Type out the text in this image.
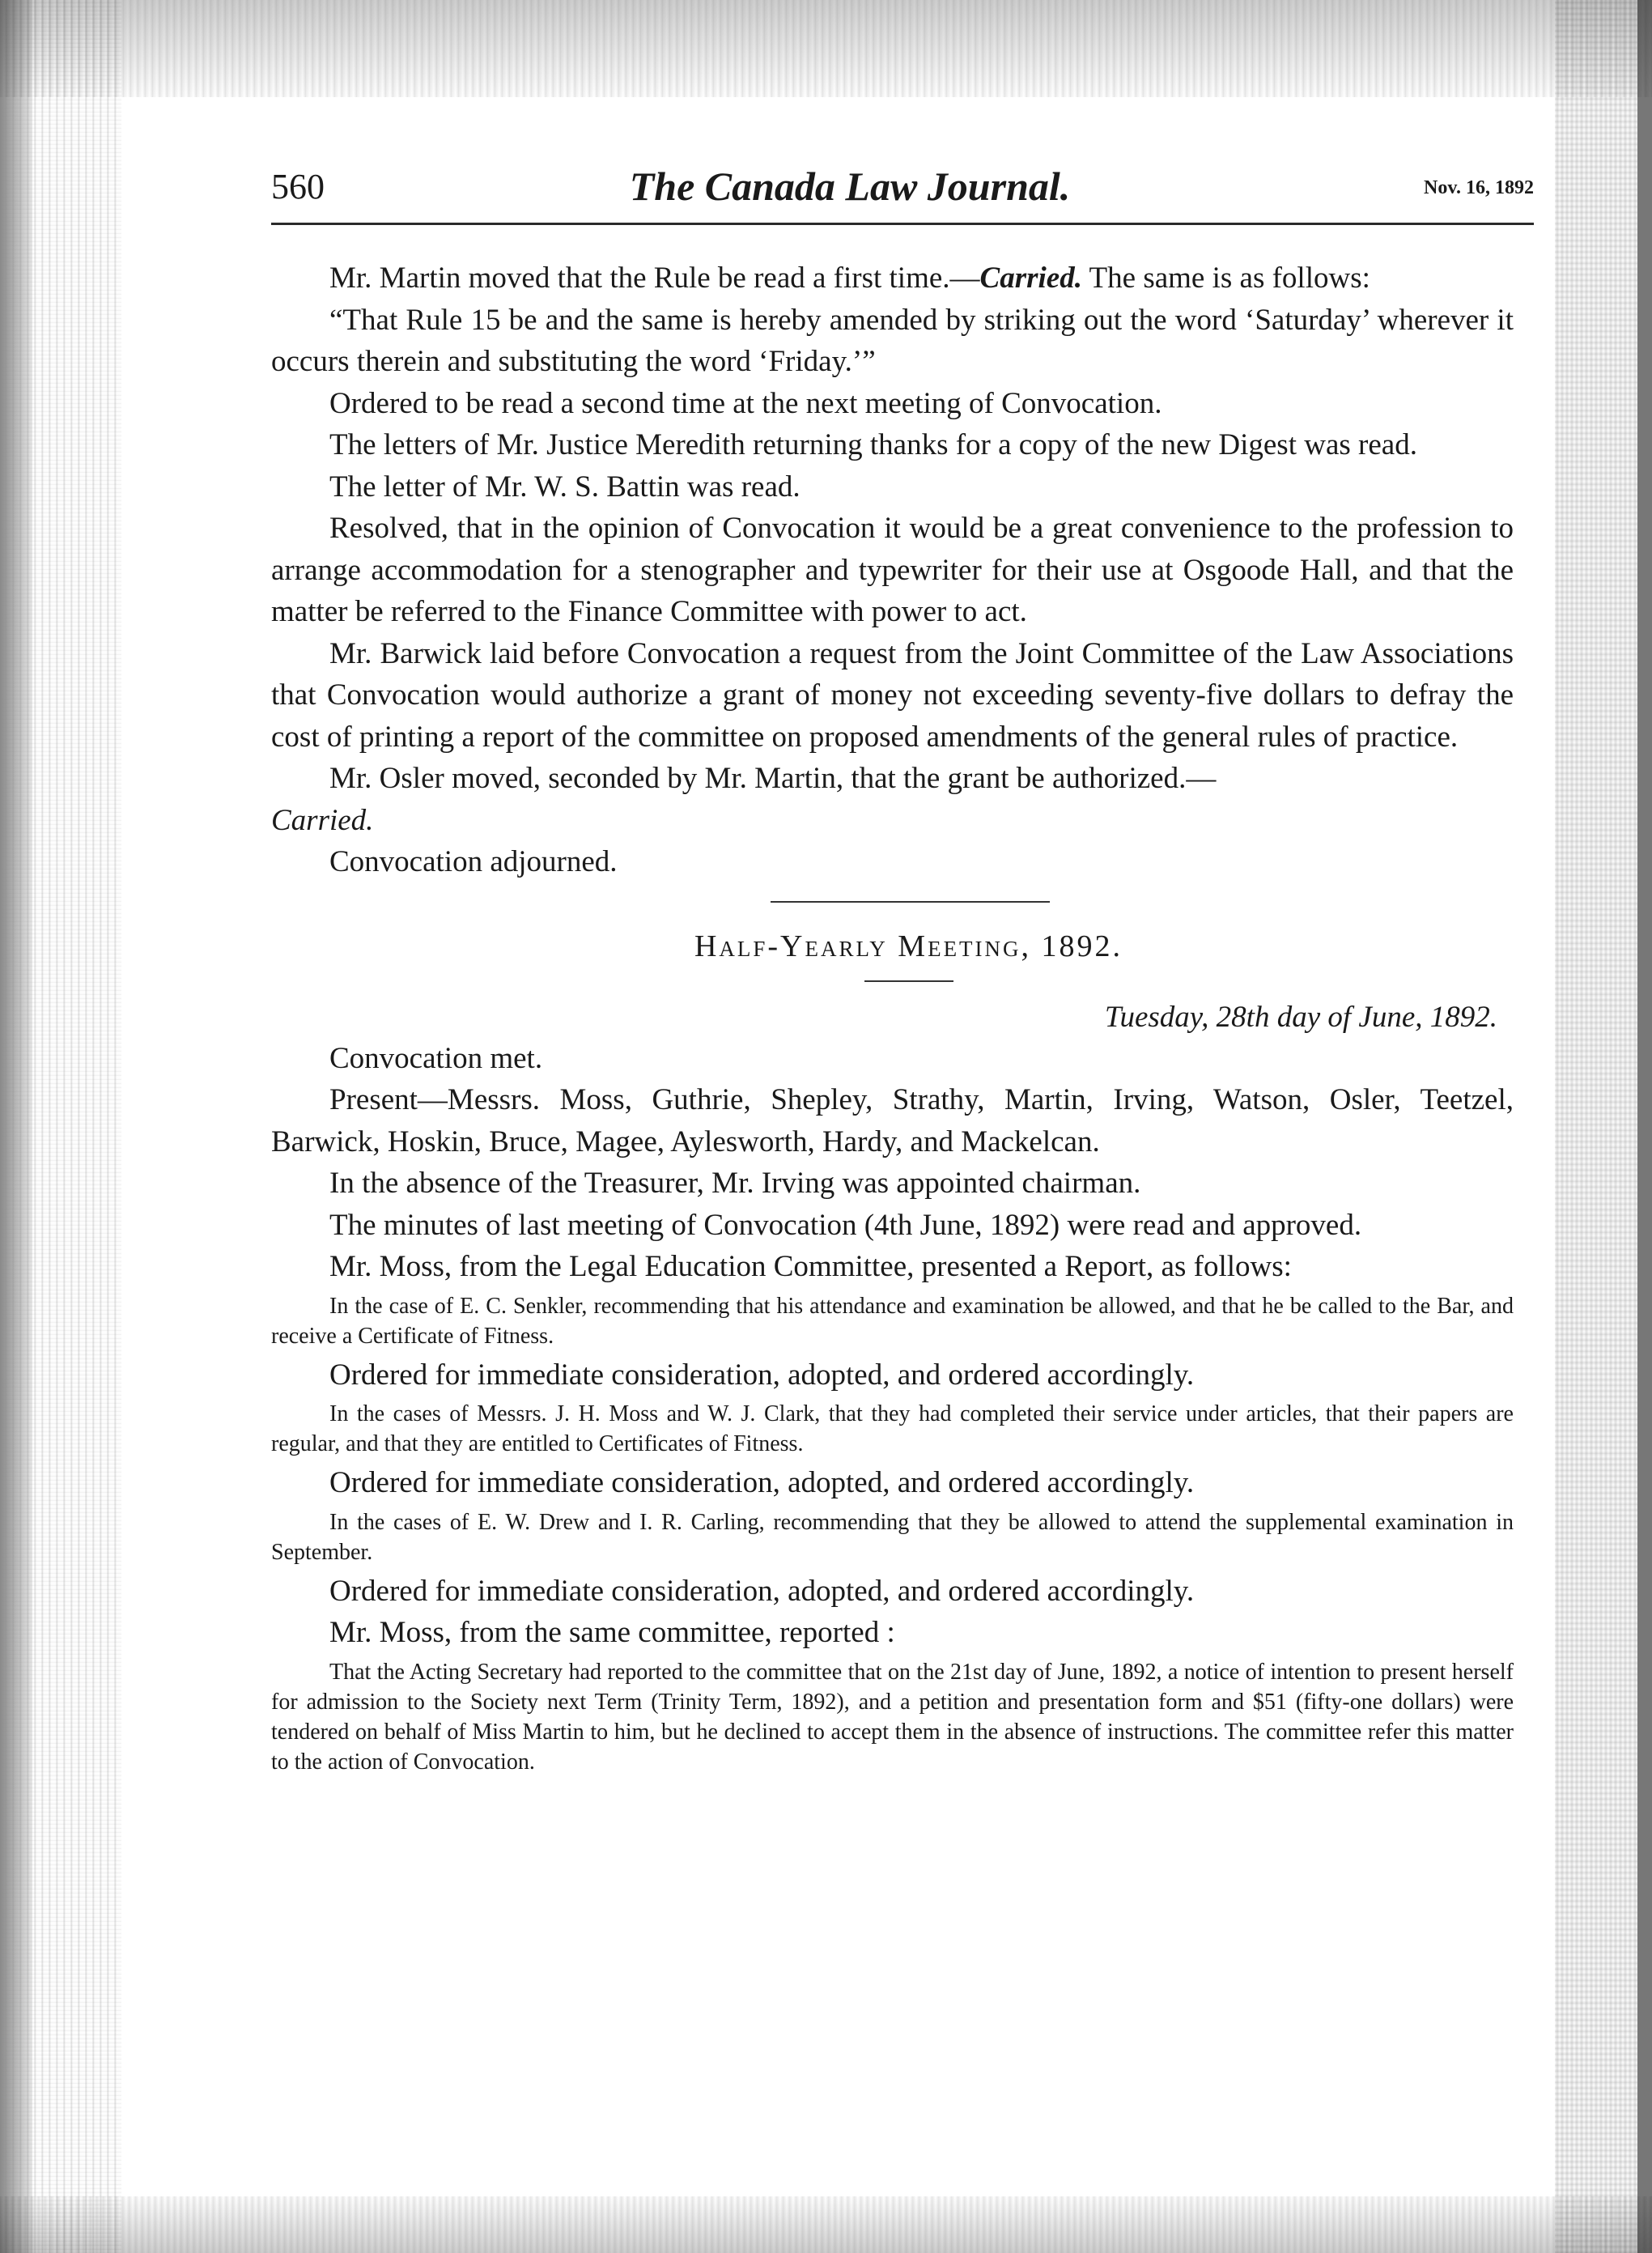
560	The Canada Law Journal.	Nov. 16, 1892

Mr. Martin moved that the Rule be read a first time.—Carried. The same is as follows:

“That Rule 15 be and the same is hereby amended by striking out the word ‘Saturday’ wherever it occurs therein and substituting the word ‘Friday.’”

Ordered to be read a second time at the next meeting of Convocation.

The letters of Mr. Justice Meredith returning thanks for a copy of the new Digest was read.

The letter of Mr. W. S. Battin was read.

Resolved, that in the opinion of Convocation it would be a great convenience to the profession to arrange accommodation for a stenographer and typewriter for their use at Osgoode Hall, and that the matter be referred to the Finance Committee with power to act.

Mr. Barwick laid before Convocation a request from the Joint Committee of the Law Associations that Convocation would authorize a grant of money not exceeding seventy-five dollars to defray the cost of printing a report of the committee on proposed amendments of the general rules of practice.

Mr. Osler moved, seconded by Mr. Martin, that the grant be authorized.—
Carried.

Convocation adjourned.

Half-Yearly Meeting, 1892.
Tuesday, 28th day of June, 1892.

Convocation met.

Present—Messrs. Moss, Guthrie, Shepley, Strathy, Martin, Irving, Watson, Osler, Teetzel, Barwick, Hoskin, Bruce, Magee, Aylesworth, Hardy, and Mackelcan.

In the absence of the Treasurer, Mr. Irving was appointed chairman.

The minutes of last meeting of Convocation (4th June, 1892) were read and approved.

Mr. Moss, from the Legal Education Committee, presented a Report, as follows:

In the case of E. C. Senkler, recommending that his attendance and examination be allowed, and that he be called to the Bar, and receive a Certificate of Fitness.

Ordered for immediate consideration, adopted, and ordered accordingly.

In the cases of Messrs. J. H. Moss and W. J. Clark, that they had completed their service under articles, that their papers are regular, and that they are entitled to Certificates of Fitness.

Ordered for immediate consideration, adopted, and ordered accordingly.

In the cases of E. W. Drew and I. R. Carling, recommending that they be allowed to attend the supplemental examination in September.

Ordered for immediate consideration, adopted, and ordered accordingly.

Mr. Moss, from the same committee, reported :

That the Acting Secretary had reported to the committee that on the 21st day of June, 1892, a notice of intention to present herself for admission to the Society next Term (Trinity Term, 1892), and a petition and presentation form and $51 (fifty-one dollars) were tendered on behalf of Miss Martin to him, but he declined to accept them in the absence of instructions. The committee refer this matter to the action of Convocation.
